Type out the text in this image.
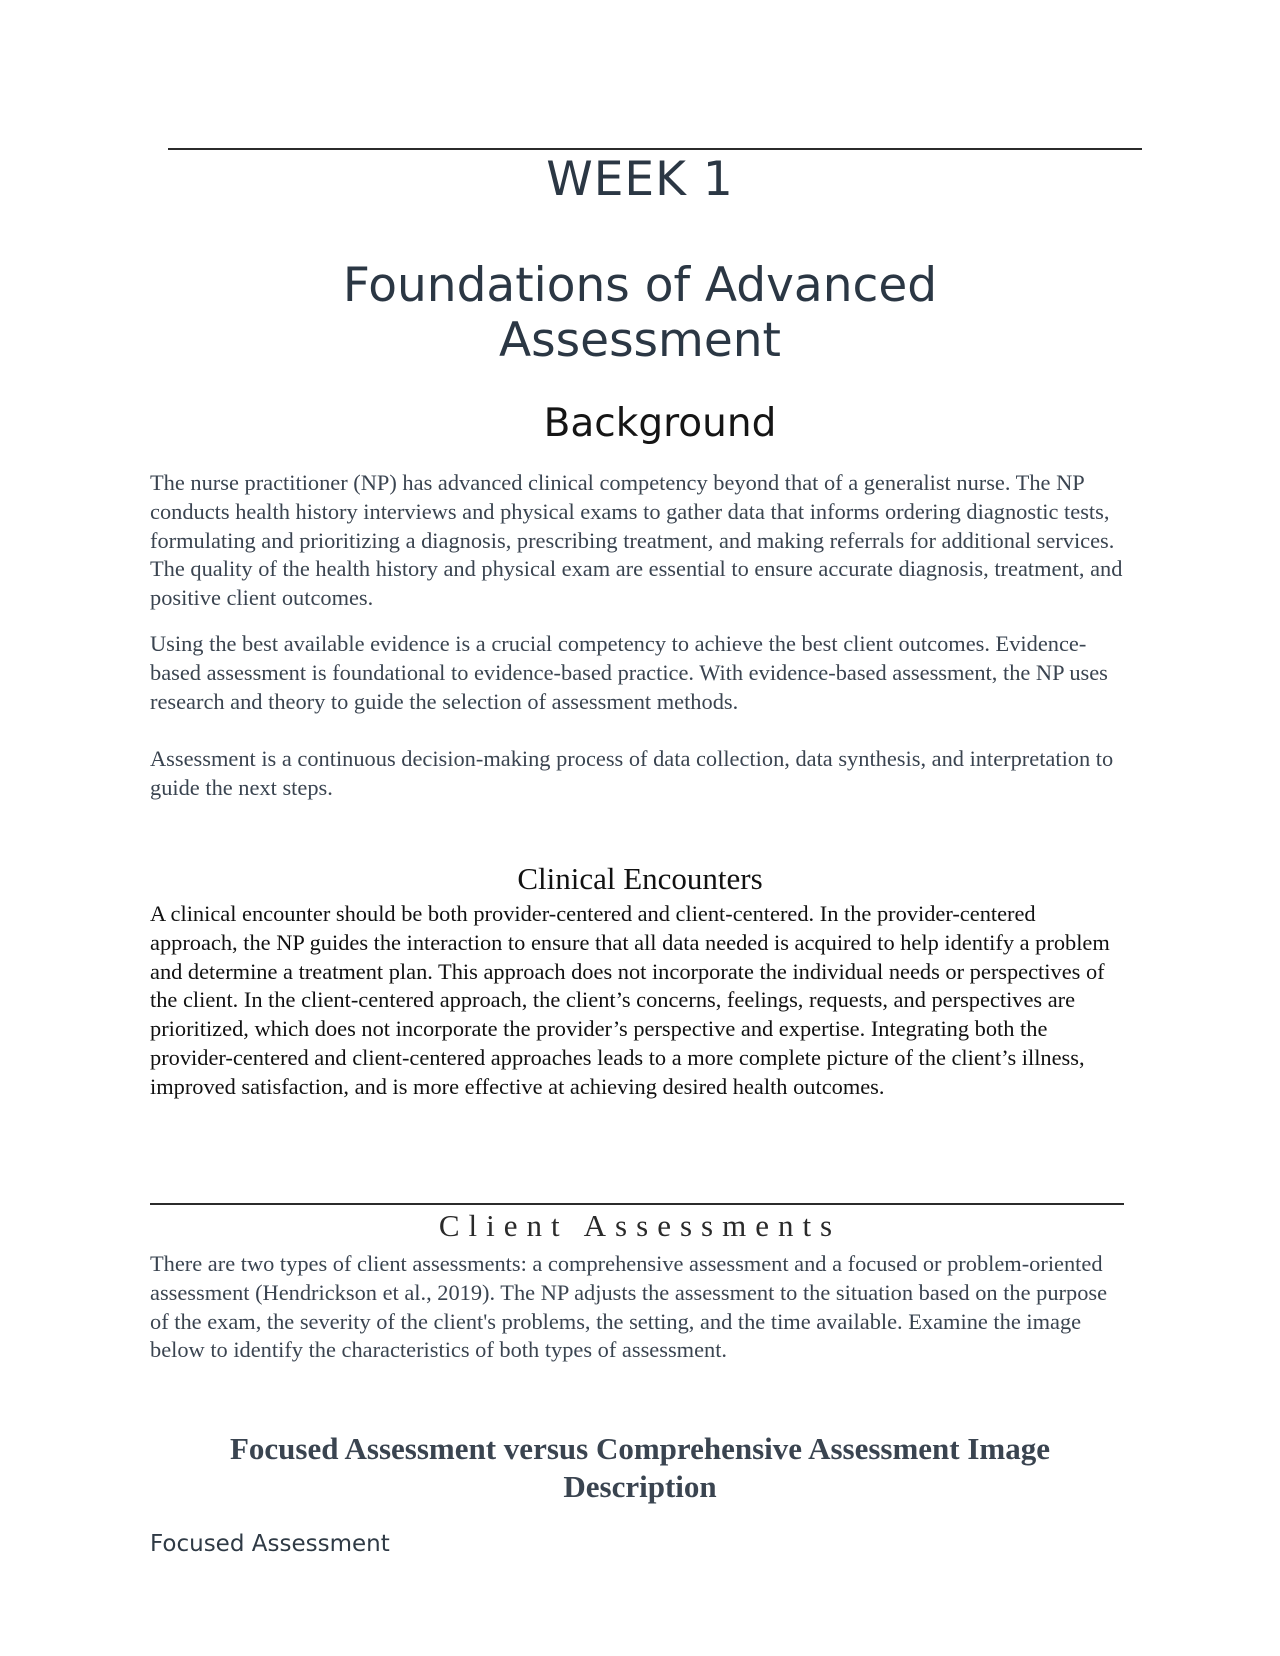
WEEK 1
Foundations of Advanced Assessment
Background

The nurse practitioner (NP) has advanced clinical competency beyond that of a generalist nurse. The NP conducts health history interviews and physical exams to gather data that informs ordering diagnostic tests, formulating and prioritizing a diagnosis, prescribing treatment, and making referrals for additional services. The quality of the health history and physical exam are essential to ensure accurate diagnosis, treatment, and positive client outcomes.

Using the best available evidence is a crucial competency to achieve the best client outcomes. Evidence-based assessment is foundational to evidence-based practice. With evidence-based assessment, the NP uses research and theory to guide the selection of assessment methods.

Assessment is a continuous decision-making process of data collection, data synthesis, and interpretation to guide the next steps.

Clinical Encounters

A clinical encounter should be both provider-centered and client-centered. In the provider-centered approach, the NP guides the interaction to ensure that all data needed is acquired to help identify a problem and determine a treatment plan. This approach does not incorporate the individual needs or perspectives of the client. In the client-centered approach, the client’s concerns, feelings, requests, and perspectives are prioritized, which does not incorporate the provider’s perspective and expertise. Integrating both the provider-centered and client-centered approaches leads to a more complete picture of the client’s illness, improved satisfaction, and is more effective at achieving desired health outcomes.

Client Assessments

There are two types of client assessments: a comprehensive assessment and a focused or problem-oriented assessment (Hendrickson et al., 2019). The NP adjusts the assessment to the situation based on the purpose of the exam, the severity of the client's problems, the setting, and the time available. Examine the image below to identify the characteristics of both types of assessment.

Focused Assessment versus Comprehensive Assessment Image Description

Focused Assessment
